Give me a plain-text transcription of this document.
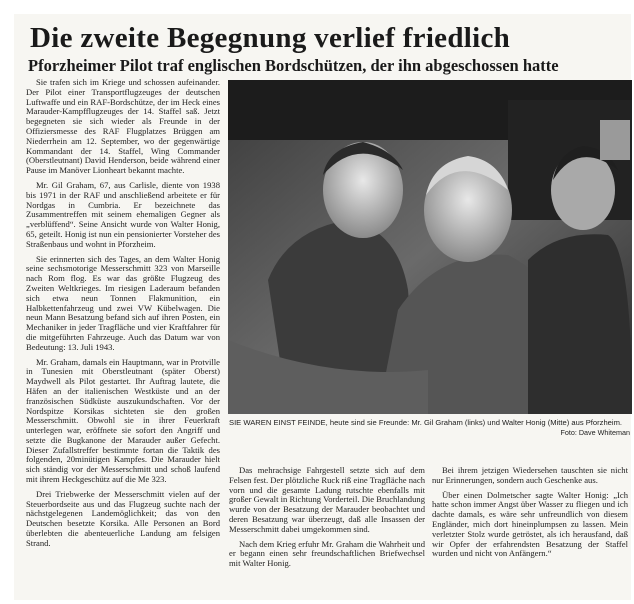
Die zweite Begegnung verlief friedlich
Pforzheimer Pilot traf englischen Bordschützen, der ihn abgeschossen hatte

Sie trafen sich im Kriege und schossen aufeinander. Der Pilot einer Transportflugzeuges der deutschen Luftwaffe und ein RAF-Bordschütze, der im Heck eines Marauder-Kampfflugzeuges der 14. Staffel saß. Jetzt begegneten sie sich wieder als Freunde in der Offiziersmesse des RAF Flugplatzes Brüggen am Niederrhein am 12. September, wo der gegenwärtige Kommandant der 14. Staffel, Wing Commander (Oberstleutnant) David Henderson, beide während einer Pause im Manöver Lionheart bekannt machte.

Mr. Gil Graham, 67, aus Carlisle, diente von 1938 bis 1971 in der RAF und anschließend arbeitete er für Nordgas in Cumbria. Er bezeichnete das Zusammentreffen mit seinem ehemaligen Gegner als „verblüffend“. Seine Ansicht wurde von Walter Honig, 65, geteilt. Honig ist nun ein pensionierter Vorsteher des Straßenbaus und wohnt in Pforzheim.

Sie erinnerten sich des Tages, an dem Walter Honig seine sechsmotorige Messerschmitt 323 von Marseille nach Rom flog. Es war das größte Flugzeug des Zweiten Weltkrieges. Im riesigen Laderaum befanden sich etwa neun Tonnen Flakmunition, ein Halbkettenfahrzeug und zwei VW Kübelwagen. Die neun Mann Besatzung befand sich auf ihren Posten, ein Mechaniker in jeder Tragfläche und vier Kraftfahrer für die mitgeführten Fahrzeuge. Auch das Datum war von Bedeutung: 13. Juli 1943.

Mr. Graham, damals ein Hauptmann, war in Protville in Tunesien mit Oberstleutnant (später Oberst) Maydwell als Pilot gestartet. Ihr Auftrag lautete, die Häfen an der italienischen Westküste und an der französischen Südküste auszukundschaften. Vor der Nordspitze Korsikas sichteten sie den großen Messerschmitt. Obwohl sie in ihrer Feuerkraft unterlegen war, eröffnete sie sofort den Angriff und setzte die Bugkanone der Marauder außer Gefecht. Dieser Zufallstreffer bestimmte fortan die Taktik des folgenden, 20minütigen Kampfes. Die Marauder hielt sich ständig vor der Messerschmitt und schoß laufend mit ihrem Heckgeschütz auf die Me 323.

Drei Triebwerke der Messerschmitt vielen auf der Steuerbordseite aus und das Flugzeug suchte nach der nächstgelegenen Landemöglichkeit; das von den Deutschen besetzte Korsika. Alle Personen an Bord überlebten die abenteuerliche Landung am felsigen Strand.

SIE WAREN EINST FEINDE, heute sind sie Freunde: Mr. Gil Graham (links) und Walter Honig (Mitte) aus Pforzheim.
Foto: Dave Whiteman

Das mehrachsige Fahrgestell setzte sich auf dem Felsen fest. Der plötzliche Ruck riß eine Tragfläche nach vorn und die gesamte Ladung rutschte ebenfalls mit großer Gewalt in Richtung Vorderteil. Die Bruchlandung wurde von der Besatzung der Marauder beobachtet und deren Besatzung war überzeugt, daß alle Insassen der Messerschmitt dabei umgekommen sind.

Nach dem Krieg erfuhr Mr. Graham die Wahrheit und er begann einen sehr freundschaftlichen Briefwechsel mit Walter Honig.

Bei ihrem jetzigen Wiedersehen tauschten sie nicht nur Erinnerungen, sondern auch Geschenke aus.

Über einen Dolmetscher sagte Walter Honig: „Ich hatte schon immer Angst über Wasser zu fliegen und ich dachte damals, es wäre sehr unfreundlich von diesem Engländer, mich dort hineinplumpsen zu lassen. Mein verletzter Stolz wurde getröstet, als ich herausfand, daß wir Opfer der erfahrendsten Besatzung der Staffel wurden und nicht von Anfängern.“
